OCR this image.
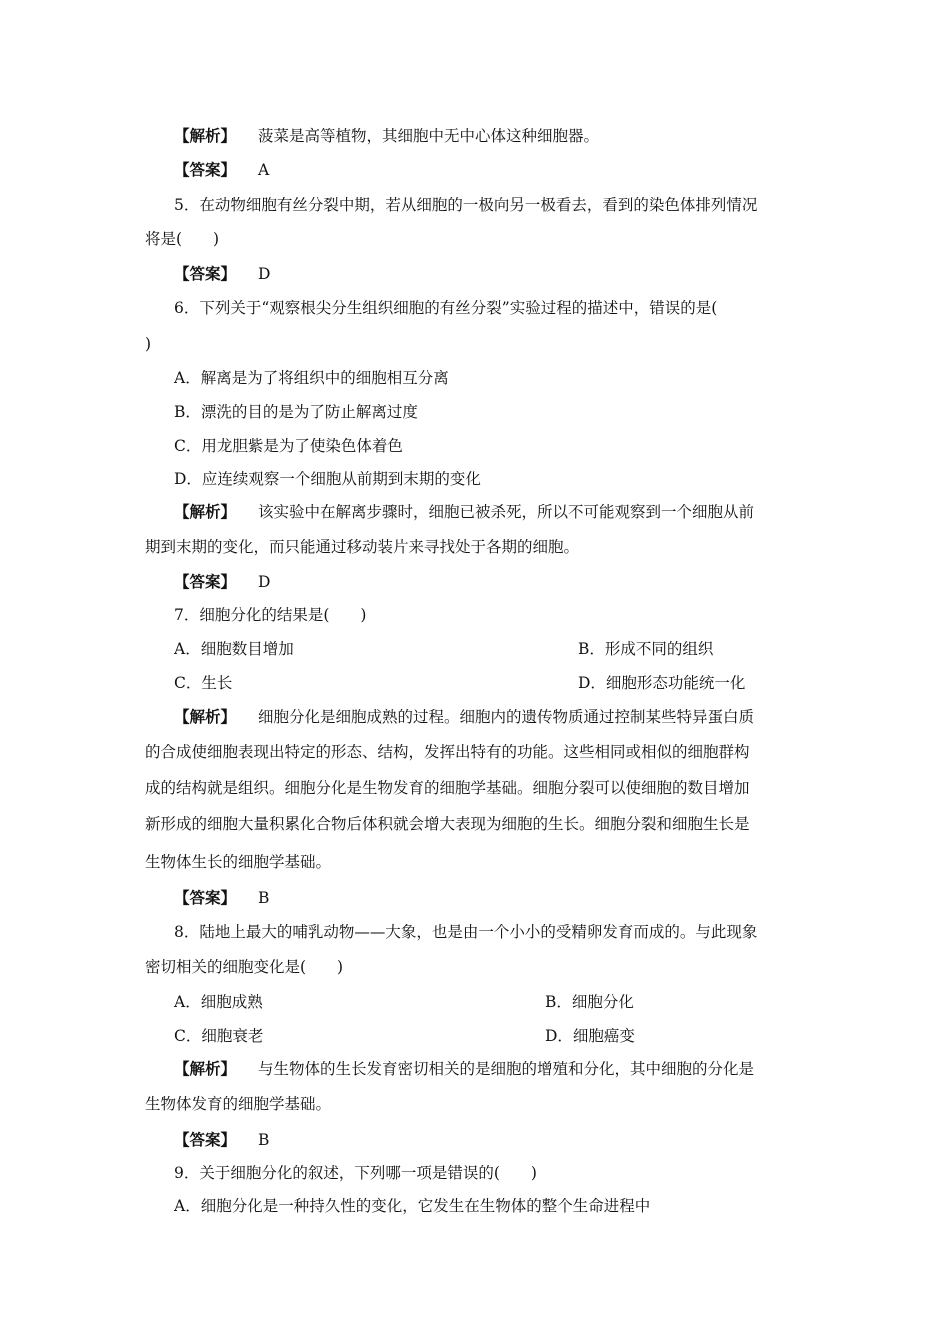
【解析】 菠菜是高等植物，其细胞中无中心体这种细胞器。
【答案】 A
5．在动物细胞有丝分裂中期，若从细胞的一极向另一极看去，看到的染色体排列情况
将是(　　)
【答案】 D
6．下列关于“观察根尖分生组织细胞的有丝分裂”实验过程的描述中，错误的是(
)
A．解离是为了将组织中的细胞相互分离
B．漂洗的目的是为了防止解离过度
C．用龙胆紫是为了使染色体着色
D．应连续观察一个细胞从前期到末期的变化
【解析】 该实验中在解离步骤时，细胞已被杀死，所以不可能观察到一个细胞从前
期到末期的变化，而只能通过移动装片来寻找处于各期的细胞。
【答案】 D
7．细胞分化的结果是(　　)
A．细胞数目增加	B．形成不同的组织
C．生长	D．细胞形态功能统一化
【解析】 细胞分化是细胞成熟的过程。细胞内的遗传物质通过控制某些特异蛋白质
的合成使细胞表现出特定的形态、结构，发挥出特有的功能。这些相同或相似的细胞群构
成的结构就是组织。细胞分化是生物发育的细胞学基础。细胞分裂可以使细胞的数目增加
新形成的细胞大量积累化合物后体积就会增大表现为细胞的生长。细胞分裂和细胞生长是
生物体生长的细胞学基础。
【答案】 B
8．陆地上最大的哺乳动物——大象，也是由一个小小的受精卵发育而成的。与此现象
密切相关的细胞变化是(　　)
A．细胞成熟	B．细胞分化
C．细胞衰老	D．细胞癌变
【解析】 与生物体的生长发育密切相关的是细胞的增殖和分化，其中细胞的分化是
生物体发育的细胞学基础。
【答案】 B
9．关于细胞分化的叙述，下列哪一项是错误的(　　)
A．细胞分化是一种持久性的变化，它发生在生物体的整个生命进程中
